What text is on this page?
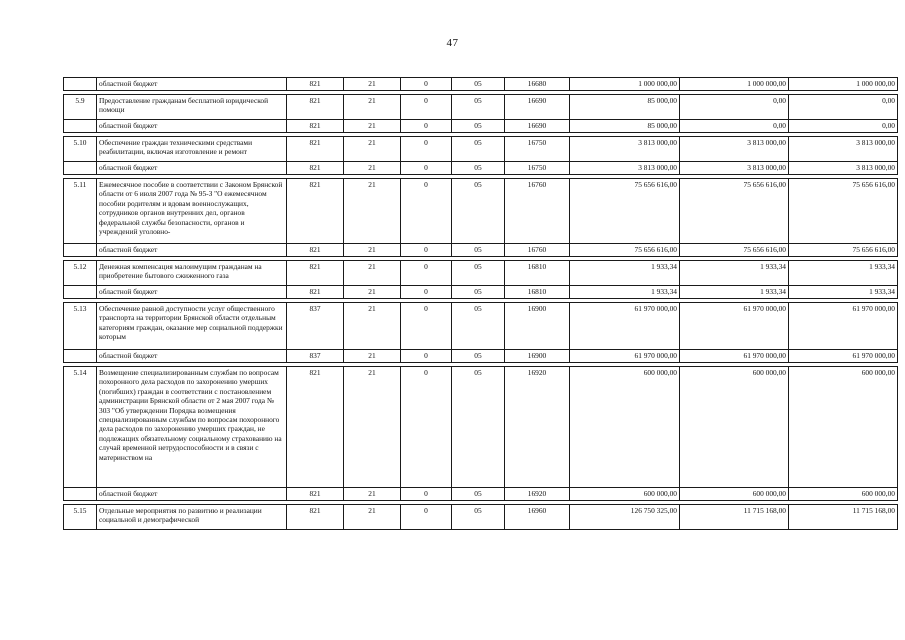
47
	областной бюджет	821	21	0	05	16680	1 000 000,00	1 000 000,00	1 000 000,00

5.9	Предоставление гражданам бесплатной юридической помощи	821	21	0	05	16690	85 000,00	0,00	0,00
	областной бюджет	821	21	0	05	16690	85 000,00	0,00	0,00

5.10	Обеспечение граждан техническими средствами реабилитации, включая изготовление и ремонт	821	21	0	05	16750	3 813 000,00	3 813 000,00	3 813 000,00
	областной бюджет	821	21	0	05	16750	3 813 000,00	3 813 000,00	3 813 000,00

5.11	Ежемесячное пособие в соответствии с Законом Брянской области от 6 июля 2007 года № 95-З "О ежемесячном пособии родителям и вдовам военнослужащих, сотрудников органов внутренних дел, органов федеральной службы безопасности, органов и учреждений уголовно-	821	21	0	05	16760	75 656 616,00	75 656 616,00	75 656 616,00
	областной бюджет	821	21	0	05	16760	75 656 616,00	75 656 616,00	75 656 616,00

5.12	Денежная компенсация малоимущим гражданам на приобретение бытового сжиженного газа	821	21	0	05	16810	1 933,34	1 933,34	1 933,34
	областной бюджет	821	21	0	05	16810	1 933,34	1 933,34	1 933,34

5.13	Обеспечение равной доступности услуг общественного транспорта на территории Брянской области отдельным категориям граждан, оказание мер социальной поддержки которым	837	21	0	05	16900	61 970 000,00	61 970 000,00	61 970 000,00
	областной бюджет	837	21	0	05	16900	61 970 000,00	61 970 000,00	61 970 000,00

5.14	Возмещение специализированным службам по вопросам похоронного дела расходов по захоронению умерших (погибших) граждан в соответствии с постановлением администрации Брянской области от 2 мая 2007 года № 303 "Об утверждении Порядка возмещения специализированным службам по вопросам похоронного дела расходов по захоронению умерших граждан, не подлежащих обязательному социальному страхованию на случай временной нетрудоспособности и в связи с материнством на	821	21	0	05	16920	600 000,00	600 000,00	600 000,00
	областной бюджет	821	21	0	05	16920	600 000,00	600 000,00	600 000,00

5.15	Отдельные мероприятия по развитию и реализации социальной и демографической	821	21	0	05	16960	126 750 325,00	11 715 168,00	11 715 168,00
